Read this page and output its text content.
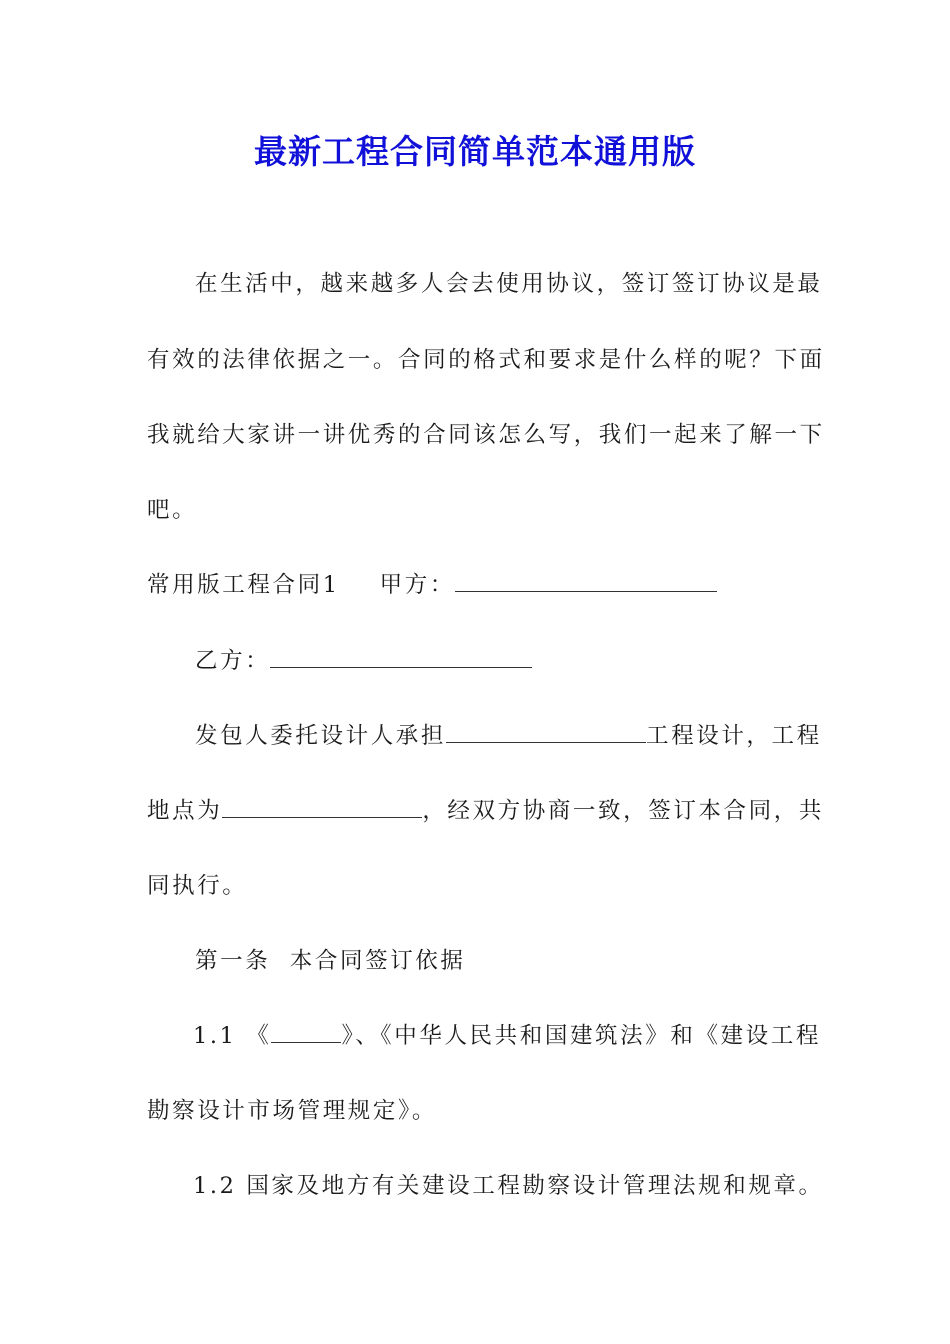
最新工程合同简单范本通用版
在生活中，越来越多人会去使用协议，签订签订协议是最
有效的法律依据之一。合同的格式和要求是什么样的呢？下面
我就给大家讲一讲优秀的合同该怎么写，我们一起来了解一下
吧。
常用版工程合同1 甲方：
乙方：
发包人委托设计人承担	工程设计，工程
地点为	，经双方协商一致，签订本合同，共
同执行。
第一条  本合同签订依据
1.1 《	》、《中华人民共和国建筑法》和《建设工程
勘察设计市场管理规定》。
1.2 国家及地方有关建设工程勘察设计管理法规和规章。
